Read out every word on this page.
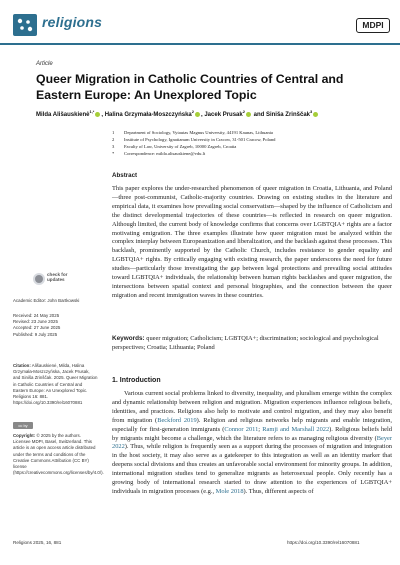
religions	MDPI
Article
Queer Migration in Catholic Countries of Central and Eastern Europe: An Unexplored Topic
Milda Ališauskienė$^{1,*}$, Halina Grzymała-Moszczyńska$^2$, Jacek Prusak$^2$ and Siniša Zrinščak$^3$
1 Department of Sociology, Vytautas Magnus University, 44191 Kaunas, Lithuania
2 Institute of Psychology, Ignatianum University in Cracow, 31-501 Cracow, Poland
3 Faculty of Law, University of Zagreb, 10000 Zagreb, Croatia
* Correspondence: milda.alisauskiene@vdu.lt
Abstract
This paper explores the under-researched phenomenon of queer migration in Croatia, Lithuania, and Poland—three post-communist, Catholic-majority countries. Drawing on existing studies in the literature and empirical data, it examines how prevailing social conservatism—shaped by the influence of Catholicism and the distinct developmental trajectories of these countries—is reflected in research on queer migration. Although limited, the current body of knowledge confirms that concerns over LGBTQIA+ rights are a factor motivating emigration. The three examples illustrate how queer migration must be analyzed within the complex interplay between Europeanization and liberalization, and the backlash against these processes. This backlash, prominently supported by the Catholic Church, includes resistance to gender equality and LGBTQIA+ rights. By critically engaging with existing research, the paper underscores the need for future studies—particularly those investigating the gap between legal protections and prevailing social attitudes toward LGBTQIA+ individuals, the relationship between human rights backlashes and queer migration, the intersections between spatial context and personal biographies, and the connection between the queer migration and recent immigration waves in these countries.
Keywords: queer migration; Catholicism; LGBTQIA+; discrimination; sociological and psychological perspectives; Croatia; Lithuania; Poland
1. Introduction
Various current social problems linked to diversity, inequality, and pluralism emerge within the complex and dynamic relationship between religion and migration. Migration experiences influence religious beliefs, identities, and practices. Religions also help to motivate and control migration, and they may also benefit from migration (Beckford 2019). Religion and religious networks help migrants and enable integration, especially for first-generation immigrants (Connor 2011; Ramji and Marshall 2022). Religious beliefs held by migrants might become a challenge, which the literature refers to as managing religious diversity (Beyer 2022). Thus, while religion is frequently seen as a support during the processes of migration and integration in the host society, it may also serve as a gatekeeper to this integration as well as an identity marker that deepens social divisions and thus creates an unfavorable social environment for minority groups. In addition, international migration studies tend to generalize migrants as heterosexual people. Only recently has a growing body of international research started to draw attention to the experiences of LGBTQIA+ individuals in migration processes (e.g., Mole 2018). Thus, different aspects of
check for updates
Academic Editor: John Bartkowski
Received: 24 May 2025
Revised: 23 June 2025
Accepted: 27 June 2025
Published: 9 July 2025
Citation: Ališauskienė, Milda, Halina Grzymała-Moszczyńska, Jacek Prusak, and Siniša Zrinščak. 2025. Queer Migration in Catholic Countries of Central and Eastern Europe: An Unexplored Topic. Religions 16: 881. https://doi.org/10.3390/rel16070881
cc by
Copyright: © 2025 by the authors. Licensee MDPI, Basel, Switzerland. This article is an open access article distributed under the terms and conditions of the Creative Commons Attribution (CC BY) license (https://creativecommons.org/licenses/by/4.0/).
Religions 2025, 16, 881	https://doi.org/10.3390/rel16070881
